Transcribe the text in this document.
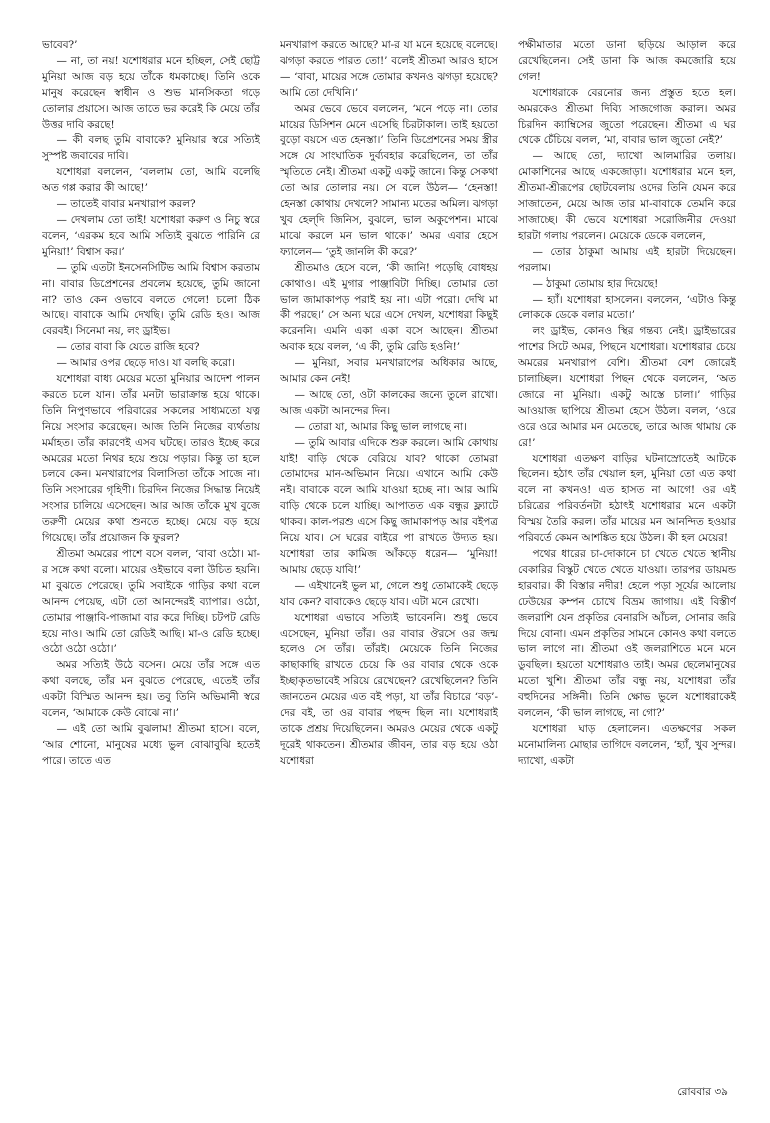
ভাবেব?’

— না, তা নয়! যশোধরার মনে হচ্ছিল, সেই ছোট্ট মুনিয়া আজ বড় হয়ে তাঁকে ধমকাচ্ছে। তিনি ওকে মানুষ করেছেন স্বাধীন ও শুভ মানসিকতা গড়ে তোলার প্রয়াসে। আজ তাতে ভর করেই কি মেয়ে তাঁর উত্তর দাবি করছে!

— কী বলছ তুমি বাবাকে? মুনিয়ার স্বরে সত্যিই সুস্পষ্ট জবাবের দাবি।

যশোধরা বললেন, ‘বললাম তো, আমি বলেছি অত গপ্প করার কী আছে!’

— তাতেই বাবার মনখারাপ করল?

— দেখলাম তো তাই! যশোধরা করুণ ও নিচু স্বরে বলেন, ‘এরকম হবে আমি সত্যিই বুঝতে পারিনি রে মুনিয়া!’ বিশ্বাস কর।’

— তুমি এতটা ইনসেনসিটিভ আমি বিশ্বাস করতাম না। বাবার ডিপ্রেশনের প্রবলেম হয়েছে, তুমি জানো না? তাও কেন ওভাবে বলতে গেলে! চলো ঠিক আছে। বাবাকে আমি দেখছি। তুমি রেডি হও। আজ বেরবই। সিনেমা নয়, লং ড্রাইভ।

— তোর বাবা কি যেতে রাজি হবে?

— আমার ওপর ছেড়ে দাও। যা বলছি করো।

যশোধরা বাধ্য মেয়ের মতো মুনিয়ার আদেশ পালন করতে চলে যান। তাঁর মনটা ভারাক্রান্ত হয়ে থাকে। তিনি নিপুণভাবে পরিবারের সকলের সাধ্যমতো যত্ন নিয়ে সংসার করেছেন। আজ তিনি নিজের ব্যর্থতায় মর্মাহত। তাঁর কারণেই এসব ঘটছে। তারও ইচ্ছে করে অমরের মতো নিথর হয়ে শুয়ে পড়ার। কিন্তু তা হলে চলবে কেন। মনখারাপের বিলাসিতা তাঁকে সাজে না। তিনি সংসারের গৃহিণী। চিরদিন নিজের সিদ্ধান্ত নিয়েই সংসার চালিয়ে এসেছেন। আর আজ তাঁকে মুখ বুজে তরুণী মেয়ের কথা শুনতে হচ্ছে। মেয়ে বড় হয়ে গিয়েছে। তাঁর প্রয়োজন কি ফুরল?

শ্রীতমা অমরের পাশে বসে বলল, ‘বাবা ওঠো। মা-র সঙ্গে কথা বলো। মায়ের ওইভাবে বলা উচিত হয়নি। মা বুঝতে পেরেছে। তুমি সবাইকে গাড়ির কথা বলে আনন্দ পেয়েছ, এটা তো আনন্দেরই ব্যাপার। ওঠো, তোমার পাঞ্জাবি-পাজামা বার করে দিচ্ছি। চটপট রেডি হয়ে নাও। আমি তো রেডিই আছি। মা-ও রেডি হচ্ছে। ওঠো ওঠো ওঠো।’

অমর সত্যিই উঠে বসেন। মেয়ে তাঁর সঙ্গে এত কথা বলছে, তাঁর মন বুঝতে পেরেছে, এতেই তাঁর একটা বিস্মিত আনন্দ হয়। তবু তিনি অভিমানী স্বরে বলেন, ‘আমাকে কেউ বোঝে না।’

— এই তো আমি বুঝলাম! শ্রীতমা হাসে। বলে, ‘আর শোনো, মানুষের মধ্যে ভুল বোঝাবুঝি হতেই পারে। তাতে এত

মনখারাপ করতে আছে? মা-র যা মনে হয়েছে বলেছে। ঝগড়া করতে পারত তো!’ বলেই শ্রীতমা আরও হাসে— ‘বাবা, মায়ের সঙ্গে তোমার কখনও ঝগড়া হয়েছে? আমি তো দেখিনি।’

অমর ভেবে ভেবে বললেন, ‘মনে পড়ে না। তোর মায়ের ডিসিশন মেনে এসেছি চিরটাকাল। তাই হয়তো বুড়ো বয়সে এত হেনস্তা।’ তিনি ডিপ্রেশনের সময় স্ত্রীর সঙ্গে যে সাংঘাতিক দুর্ব্যবহার করেছিলেন, তা তাঁর স্মৃতিতে নেই। শ্রীতমা একটু একটু জানে। কিন্তু সেকথা তো আর তোলার নয়। সে বলে উঠল— ‘হেনস্তা! হেনস্তা কোথায় দেখলে? সামান্য মতের অমিল। ঝগড়া খুব হেল্‌দি জিনিস, বুঝলে, ভাল অকুপেশন। মাঝে মাঝে করলে মন ভাল থাকে।’ অমর এবার হেসে ফ্যালেন— ‘তুই জানলি কী করে?’

শ্রীতমাও হেসে বলে, ‘কী জানি! পড়েছি বোধহয় কোথাও। এই মুগার পাঞ্জাবিটা দিচ্ছি। তোমার তো ভাল জামাকাপড় পরাই হয় না। এটা পরো। দেখি মা কী পরছে।’ সে অন্য ঘরে এসে দেখল, যশোধরা কিছুই করেননি। এমনি একা একা বসে আছেন। শ্রীতমা অবাক হয়ে বলল, ‘এ কী, তুমি রেডি হওনি!’

— মুনিয়া, সবার মনখারাপের অধিকার আছে, আমার কেন নেই!

— আছে তো, ওটা কালকের জন্যে তুলে রাখো। আজ একটা আনন্দের দিন।

— তোরা যা, আমার কিছু ভাল লাগছে না।

— তুমি আবার এদিকে শুরু করলে। আমি কোথায় যাই! বাড়ি থেকে বেরিয়ে যাব? থাকো তোমরা তোমাদের মান-অভিমান নিয়ে। এখানে আমি কেউ নই। বাবাকে বলে আমি যাওয়া হচ্ছে না। আর আমি বাড়ি থেকে চলে যাচ্ছি। আপাতত এক বন্ধুর ফ্ল্যাটে থাকব। কাল-পরশু এসে কিছু জামাকাপড় আর বইপত্র নিয়ে যাব। সে ঘরের বাইরে পা রাখতে উদ্যত হয়। যশোধরা তার কামিজ আঁকড়ে ধরেন— ‘মুনিয়া! আমায় ছেড়ে যাবি!’

— এইখানেই ভুল মা, গেলে শুধু তোমাকেই ছেড়ে যাব কেন? বাবাকেও ছেড়ে যাব। এটা মনে রেখো।

যশোধরা এভাবে সত্যিই ভাবেননি। শুধু ভেবে এসেছেন, মুনিয়া তাঁর। ওর বাবার ঔরসে ওর জন্ম হলেও সে তাঁর। তাঁরই। মেয়েকে তিনি নিজের কাছাকাছি রাখতে চেয়ে কি ওর বাবার থেকে ওকে ইচ্ছাকৃতভাবেই সরিয়ে রেখেছেন? রেখেছিলেন? তিনি জানতেন মেয়ের এত বই পড়া, যা তাঁর বিচারে ‘বড়’-দের বই, তা ওর বাবার পছন্দ ছিল না। যশোধরাই তাকে প্রশ্রয় দিয়েছিলেন। অমরও মেয়ের থেকে একটু দূরেই থাকতেন। শ্রীতমার জীবন, তার বড় হয়ে ওঠা যশোধরা

পক্ষীমাতার মতো ডানা ছড়িয়ে আড়াল করে রেখেছিলেন। সেই ডানা কি আজ কমজোরি হয়ে গেল!

যশোধরাকে বেরনোর জন্য প্রস্তুত হতে হল। অমরকেও শ্রীতমা দিব্যি সাজগোজ করাল। অমর চিরদিন ক্যাম্বিসের জুতো পরেছেন। শ্রীতমা এ ঘর থেকে চেঁচিয়ে বলল, ‘মা, বাবার ভাল জুতো নেই?’

— আছে তো, দ্যাখো আলমারির তলায়। মোকাশিনের আছে একজোড়া। যশোধরার মনে হল, শ্রীতমা-শ্রীরূপের ছোটবেলায় ওদের তিনি যেমন করে সাজাতেন, মেয়ে আজ তার মা-বাবাকে তেমনি করে সাজাচ্ছে। কী ভেবে যশোধরা সরোজিনীর দেওয়া হারটা গলায় পরলেন। মেয়েকে ডেকে বললেন,

— তোর ঠাকুমা আমায় এই হারটা দিয়েছেন। পরলাম।

— ঠাকুমা তোমায় হার দিয়েছে!

— হ্যাঁ। যশোধরা হাসলেন। বললেন, ‘এটাও কিন্তু লোককে ডেকে বলার মতো।’

লং ড্রাইভ, কোনও স্থির গন্তব্য নেই। ড্রাইভারের পাশের সিটে অমর, পিছনে যশোধরা। যশোধরার চেয়ে অমরের মনখারাপ বেশি। শ্রীতমা বেশ জোরেই চালাচ্ছিল। যশোধরা পিছন থেকে বললেন, ‘অত জোরে না মুনিয়া। একটু আস্তে চালা।’ গাড়ির আওয়াজ ছাপিয়ে শ্রীতমা হেসে উঠল। বলল, ‘ওরে ওরে ওরে আমার মন মেতেছে, তারে আজ থামায় কে রে!’

যশোধরা এতক্ষণ বাড়ির ঘটনাস্রোতেই আটকে ছিলেন। হঠাৎ তাঁর খেয়াল হল, মুনিয়া তো এত কথা বলে না কখনও! এত হাসত না আগে! ওর এই চরিত্রের পরিবর্তনটা হঠাৎই যশোধরার মনে একটা বিস্ময় তৈরি করল। তাঁর মায়ের মন আনন্দিত হওয়ার পরিবর্তে কেমন আশঙ্কিত হয়ে উঠল। কী হল মেয়ের!

পথের ধারের চা-দোকানে চা খেতে খেতে স্থানীয় বেকারির বিস্কুট খেতে খেতে যাওয়া। তারপর ডায়মন্ড হারবার। কী বিস্তার নদীর! হেলে পড়া সূর্যের আলোয় ঢেউয়ের কম্পন চোখে বিভ্রম জাগায়। এই বিস্তীর্ণ জলরাশি যেন প্রকৃতির বেনারসি আঁচল, সোনার জরি দিয়ে বোনা। এমন প্রকৃতির সামনে কোনও কথা বলতে ভাল লাগে না। শ্রীতমা ওই জলরাশিতে মনে মনে ডুবছিল। হয়তো যশোধরাও তাই। অমর ছেলেমানুষের মতো খুশি। শ্রীতমা তাঁর বন্ধু নয়, যশোধরা তাঁর বহুদিনের সঙ্গিনী। তিনি ক্ষোভ ভুলে যশোধরাকেই বললেন, ‘কী ভাল লাগছে, না গো?’

যশোধরা ঘাড় হেলালেন। এতক্ষণের সকল মনোমালিন্য মোছার তাগিদে বললেন, ‘হ্যাঁ, খুব সুন্দর। দ্যাখো, একটা

রোববার ৩৯
